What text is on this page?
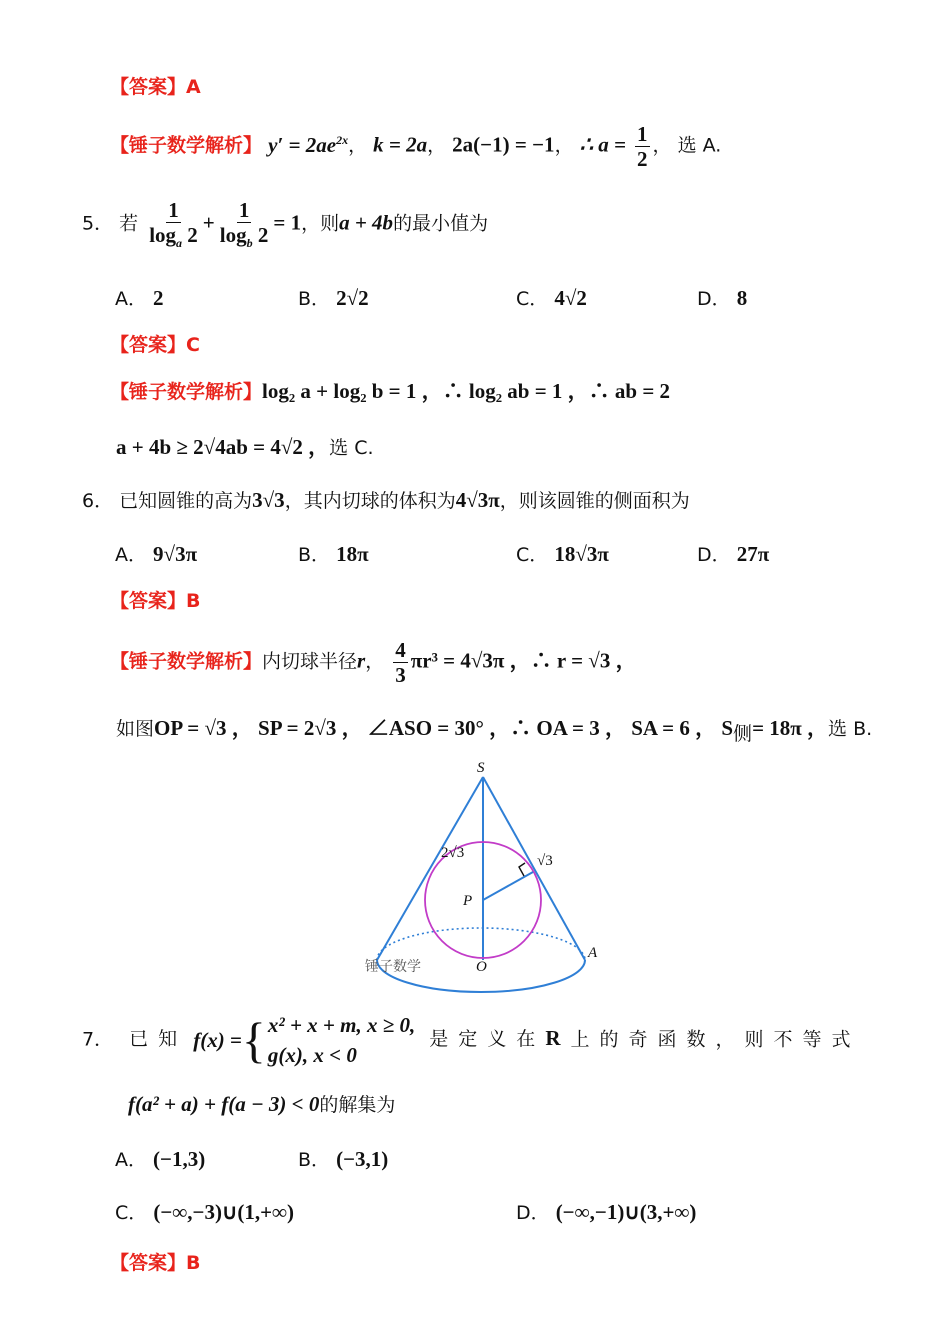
【答案】A
【锤子数学解析】 $y' = 2ae^{2x}$， k = 2a， 2a(−1) = −1， ∴ $a = \frac{1}{2}$ ， 选 A.
5． 若 $\frac{1}{\log_a 2} + \frac{1}{\log_b 2} = 1$，则a + 4b的最小值为
A． 2	B． 2√2	C． 4√2	D． 8
【答案】C
【锤子数学解析】log₂ a + log₂ b = 1 ，∴ log₂ ab = 1 ，∴ ab = 2
a + 4b ≥ 2√4ab = 4√2 ，选 C.
6． 已知圆锥的高为3√3，其内切球的体积为4√3π，则该圆锥的侧面积为
A． 9√3π	B． 18π	C． 18√3π	D． 27π
【答案】B
【锤子数学解析】内切球半径r， $\frac{4}{3} \pi r^3 = 4√3\pi$ ，∴ r = √3 ，
如图OP = √3 ， SP = 2√3 ， ∠ASO = 30° ，∴ OA = 3 ， SA = 6 ， $S_侧= 18\pi$ ，选 B.
S
P
O
A
2√3	√3
锤子数学
7． 已知 f(x) = { x² + x + m, x ≥ 0,
g(x), x < 0
是定义在R 上的奇函数，则不等式
f(a² + a) + f(a − 3) < 0的解集为
A． (−1,3)	B． (−3,1)
C． (−∞,−3)∪(1,+∞)	D． (−∞,−1)∪(3,+∞)
【答案】B
